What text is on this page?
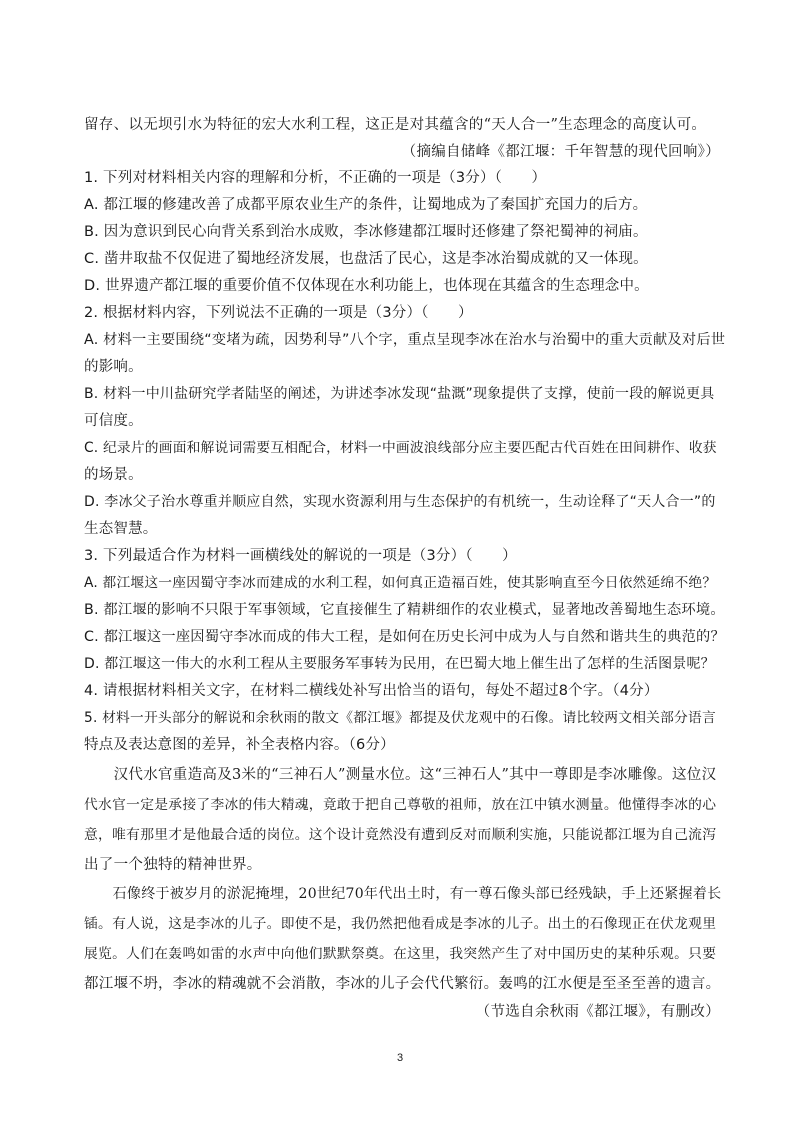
留存、以无坝引水为特征的宏大水利工程，这正是对其蕴含的“天人合一”生态理念的高度认可。
（摘编自储峰《都江堰：千年智慧的现代回响》）
1. 下列对材料相关内容的理解和分析，不正确的一项是（3分）（　　）
A. 都江堰的修建改善了成都平原农业生产的条件，让蜀地成为了秦国扩充国力的后方。
B. 因为意识到民心向背关系到治水成败，李冰修建都江堰时还修建了祭祀蜀神的祠庙。
C. 凿井取盐不仅促进了蜀地经济发展，也盘活了民心，这是李冰治蜀成就的又一体现。
D. 世界遗产都江堰的重要价值不仅体现在水利功能上，也体现在其蕴含的生态理念中。
2. 根据材料内容，下列说法不正确的一项是（3分）（　　）
A. 材料一主要围绕“变堵为疏，因势利导”八个字，重点呈现李冰在治水与治蜀中的重大贡献及对后世
的影响。
B. 材料一中川盐研究学者陆坚的阐述，为讲述李冰发现“盐溉”现象提供了支撑，使前一段的解说更具
可信度。
C. 纪录片的画面和解说词需要互相配合，材料一中画波浪线部分应主要匹配古代百姓在田间耕作、收获
的场景。
D. 李冰父子治水尊重并顺应自然，实现水资源利用与生态保护的有机统一，生动诠释了“天人合一”的
生态智慧。
3. 下列最适合作为材料一画横线处的解说的一项是（3分）（　　）
A. 都江堰这一座因蜀守李冰而建成的水利工程，如何真正造福百姓，使其影响直至今日依然延绵不绝？
B. 都江堰的影响不只限于军事领域，它直接催生了精耕细作的农业模式，显著地改善蜀地生态环境。
C. 都江堰这一座因蜀守李冰而成的伟大工程，是如何在历史长河中成为人与自然和谐共生的典范的？
D. 都江堰这一伟大的水利工程从主要服务军事转为民用，在巴蜀大地上催生出了怎样的生活图景呢？
4. 请根据材料相关文字，在材料二横线处补写出恰当的语句，每处不超过8个字。（4分）
5. 材料一开头部分的解说和余秋雨的散文《都江堰》都提及伏龙观中的石像。请比较两文相关部分语言
特点及表达意图的差异，补全表格内容。（6分）
　　汉代水官重造高及3米的“三神石人”测量水位。这“三神石人”其中一尊即是李冰雕像。这位汉
代水官一定是承接了李冰的伟大精魂，竟敢于把自己尊敬的祖师，放在江中镇水测量。他懂得李冰的心
意，唯有那里才是他最合适的岗位。这个设计竟然没有遭到反对而顺利实施，只能说都江堰为自己流泻
出了一个独特的精神世界。
　　石像终于被岁月的淤泥掩埋，20世纪70年代出土时，有一尊石像头部已经残缺，手上还紧握着长
锸。有人说，这是李冰的儿子。即使不是，我仍然把他看成是李冰的儿子。出土的石像现正在伏龙观里
展览。人们在轰鸣如雷的水声中向他们默默祭奠。在这里，我突然产生了对中国历史的某种乐观。只要
都江堰不坍，李冰的精魂就不会消散，李冰的儿子会代代繁衍。轰鸣的江水便是至圣至善的遗言。
（节选自余秋雨《都江堰》，有删改）
3
